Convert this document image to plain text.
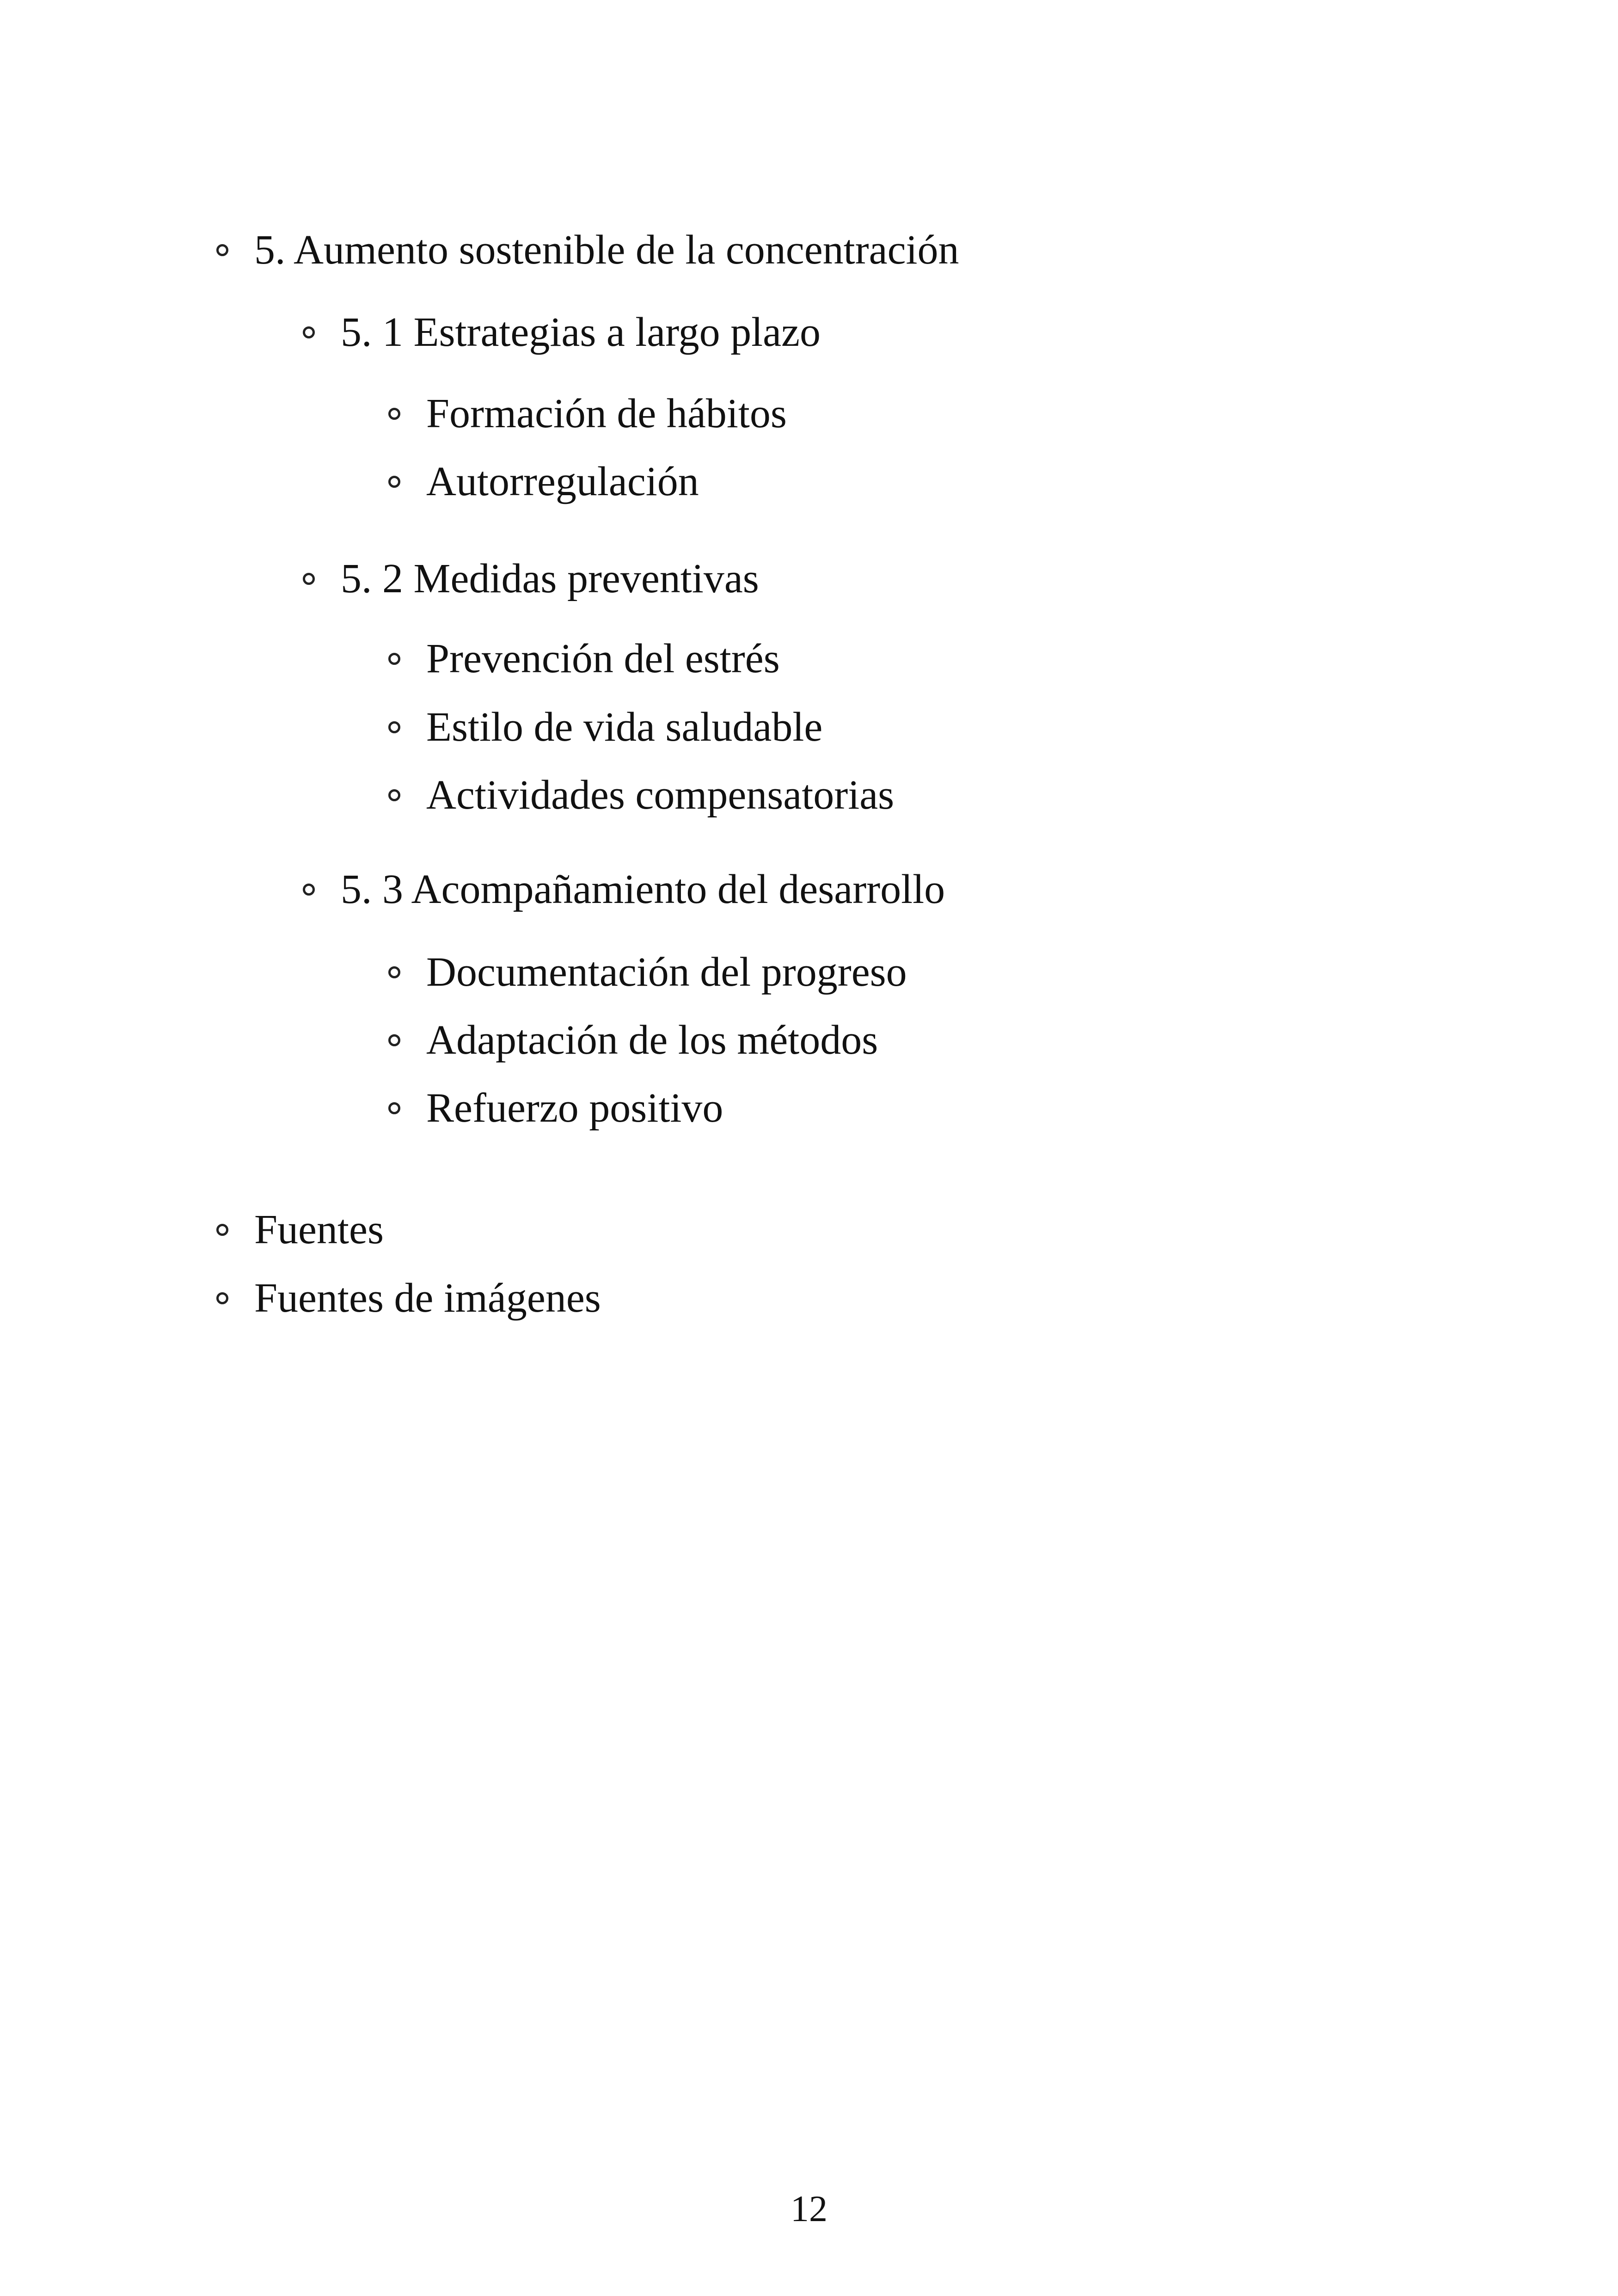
5. Aumento sostenible de la concentración
5. 1 Estrategias a largo plazo
Formación de hábitos
Autorregulación
5. 2 Medidas preventivas
Prevención del estrés
Estilo de vida saludable
Actividades compensatorias
5. 3 Acompañamiento del desarrollo
Documentación del progreso
Adaptación de los métodos
Refuerzo positivo
Fuentes
Fuentes de imágenes
12
